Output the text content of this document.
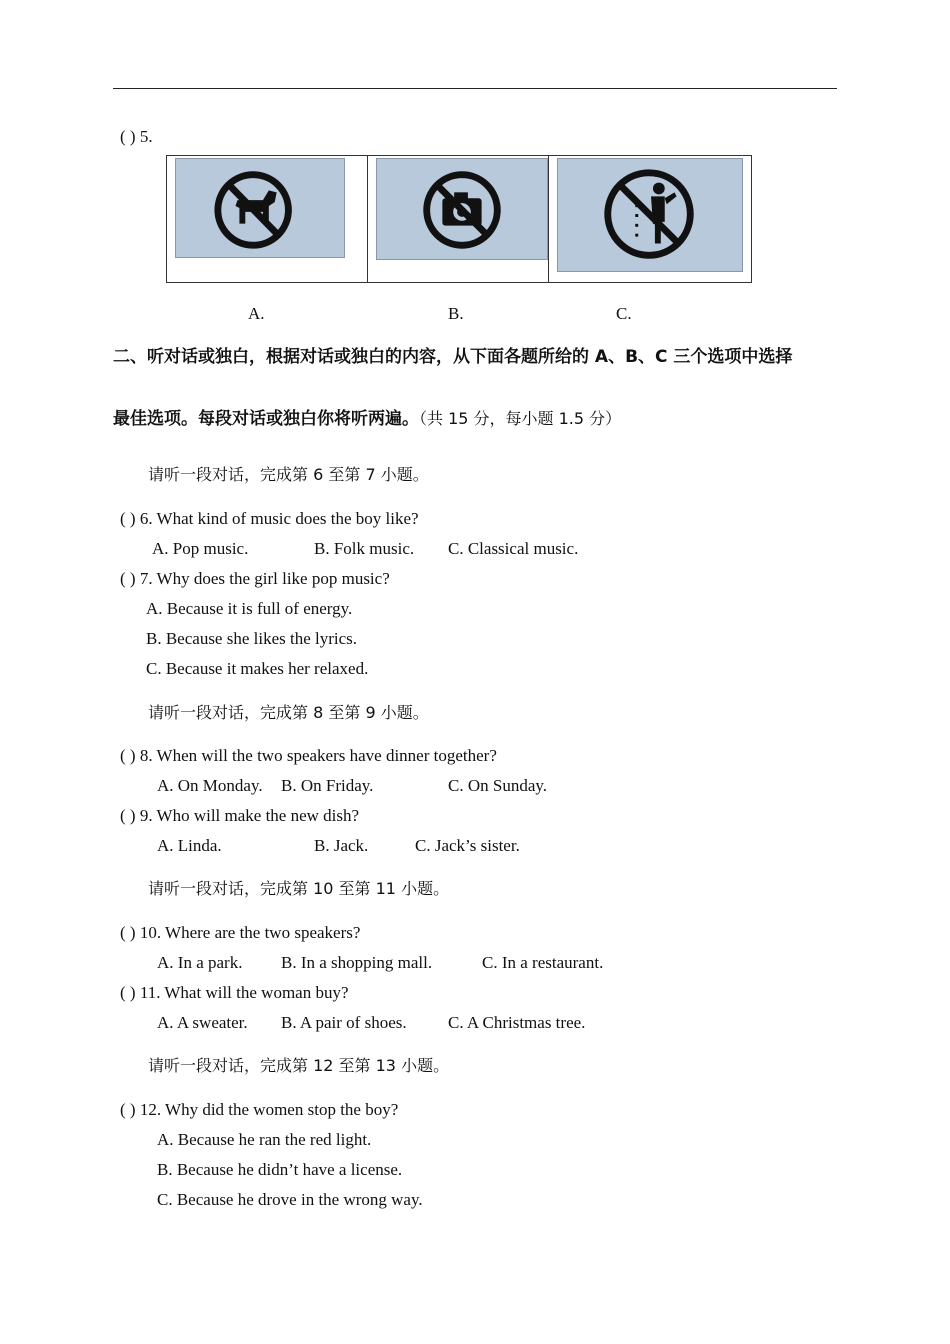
( ) 5.
A.	B.	C.
二、听对话或独白，根据对话或独白的内容，从下面各题所给的 A、B、C 三个选项中选择
最佳选项。每段对话或独白你将听两遍。（共 15 分，每小题 1.5 分）
请听一段对话，完成第 6 至第 7 小题。
( ) 6. What kind of music does the boy like?
A. Pop music.	B. Folk music. C. Classical music.
( ) 7. Why does the girl like pop music?
A. Because it is full of energy.
B. Because she likes the lyrics.
C. Because it makes her relaxed.
请听一段对话，完成第 8 至第 9 小题。
( ) 8. When will the two speakers have dinner together?
A. On Monday. B. On Friday.	C. On Sunday.
( ) 9. Who will make the new dish?
A. Linda.	B. Jack.	C. Jack’s sister.
请听一段对话，完成第 10 至第 11 小题。
( ) 10. Where are the two speakers?
A. In a park. B. In a shopping mall.	C. In a restaurant.
( ) 11. What will the woman buy?
A. A sweater. B. A pair of shoes. C. A Christmas tree.
请听一段对话，完成第 12 至第 13 小题。
( ) 12. Why did the women stop the boy?
A. Because he ran the red light.
B. Because he didn’t have a license.
C. Because he drove in the wrong way.
